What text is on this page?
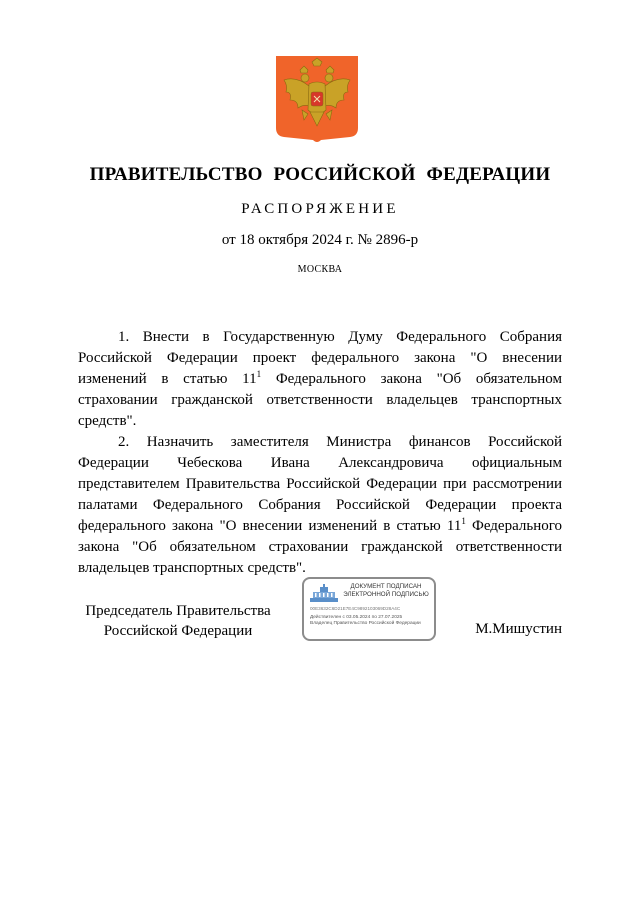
ПРАВИТЕЛЬСТВО РОССИЙСКОЙ ФЕДЕРАЦИИ
РАСПОРЯЖЕНИЕ
от 18 октября 2024 г. № 2896-р
МОСКВА

1. Внести в Государственную Думу Федерального Собрания Российской Федерации проект федерального закона "О внесении изменений в статью $11^1$ Федерального закона "Об обязательном страховании гражданской ответственности владельцев транспортных средств".

2. Назначить заместителя Министра финансов Российской Федерации Чебескова Ивана Александровича официальным представителем Правительства Российской Федерации при рассмотрении палатами Федерального Собрания Российской Федерации проекта федерального закона "О внесении изменений в статью $11^1$ Федерального закона "Об обязательном страховании гражданской ответственности владельцев транспортных средств".

Председатель Правительства
Российской Федерации
ДОКУМЕНТ ПОДПИСАН
ЭЛЕКТРОННОЙ ПОДПИСЬЮ
00E3632C6D21E7E4C9892103069D28A4C
Действителен с 03.05.2024 по 27.07.2025
Владелец Правительство Российской Федерации	М.Мишустин
